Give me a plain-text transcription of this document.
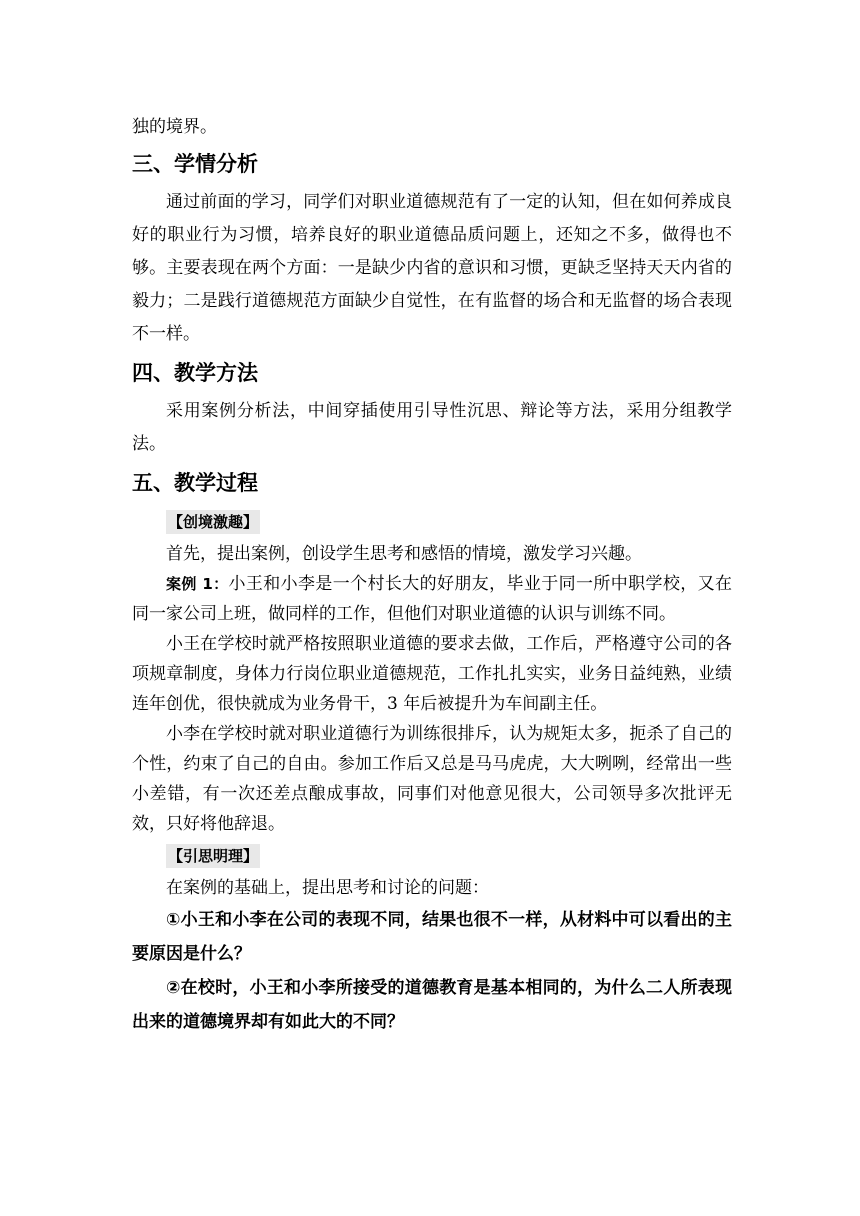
独的境界。

三、学情分析

通过前面的学习，同学们对职业道德规范有了一定的认知，但在如何养成良好的职业行为习惯，培养良好的职业道德品质问题上，还知之不多，做得也不够。主要表现在两个方面：一是缺少内省的意识和习惯，更缺乏坚持天天内省的毅力；二是践行道德规范方面缺少自觉性，在有监督的场合和无监督的场合表现不一样。

四、教学方法

采用案例分析法，中间穿插使用引导性沉思、辩论等方法，采用分组教学法。

五、教学过程
【创境激趣】

首先，提出案例，创设学生思考和感悟的情境，激发学习兴趣。

案例 1：小王和小李是一个村长大的好朋友，毕业于同一所中职学校，又在同一家公司上班，做同样的工作，但他们对职业道德的认识与训练不同。

小王在学校时就严格按照职业道德的要求去做，工作后，严格遵守公司的各项规章制度，身体力行岗位职业道德规范，工作扎扎实实，业务日益纯熟，业绩连年创优，很快就成为业务骨干，3 年后被提升为车间副主任。

小李在学校时就对职业道德行为训练很排斥，认为规矩太多，扼杀了自己的个性，约束了自己的自由。参加工作后又总是马马虎虎，大大咧咧，经常出一些小差错，有一次还差点酿成事故，同事们对他意见很大，公司领导多次批评无效，只好将他辞退。

【引思明理】

在案例的基础上，提出思考和讨论的问题：

①小王和小李在公司的表现不同，结果也很不一样，从材料中可以看出的主要原因是什么？

②在校时，小王和小李所接受的道德教育是基本相同的，为什么二人所表现出来的道德境界却有如此大的不同？
